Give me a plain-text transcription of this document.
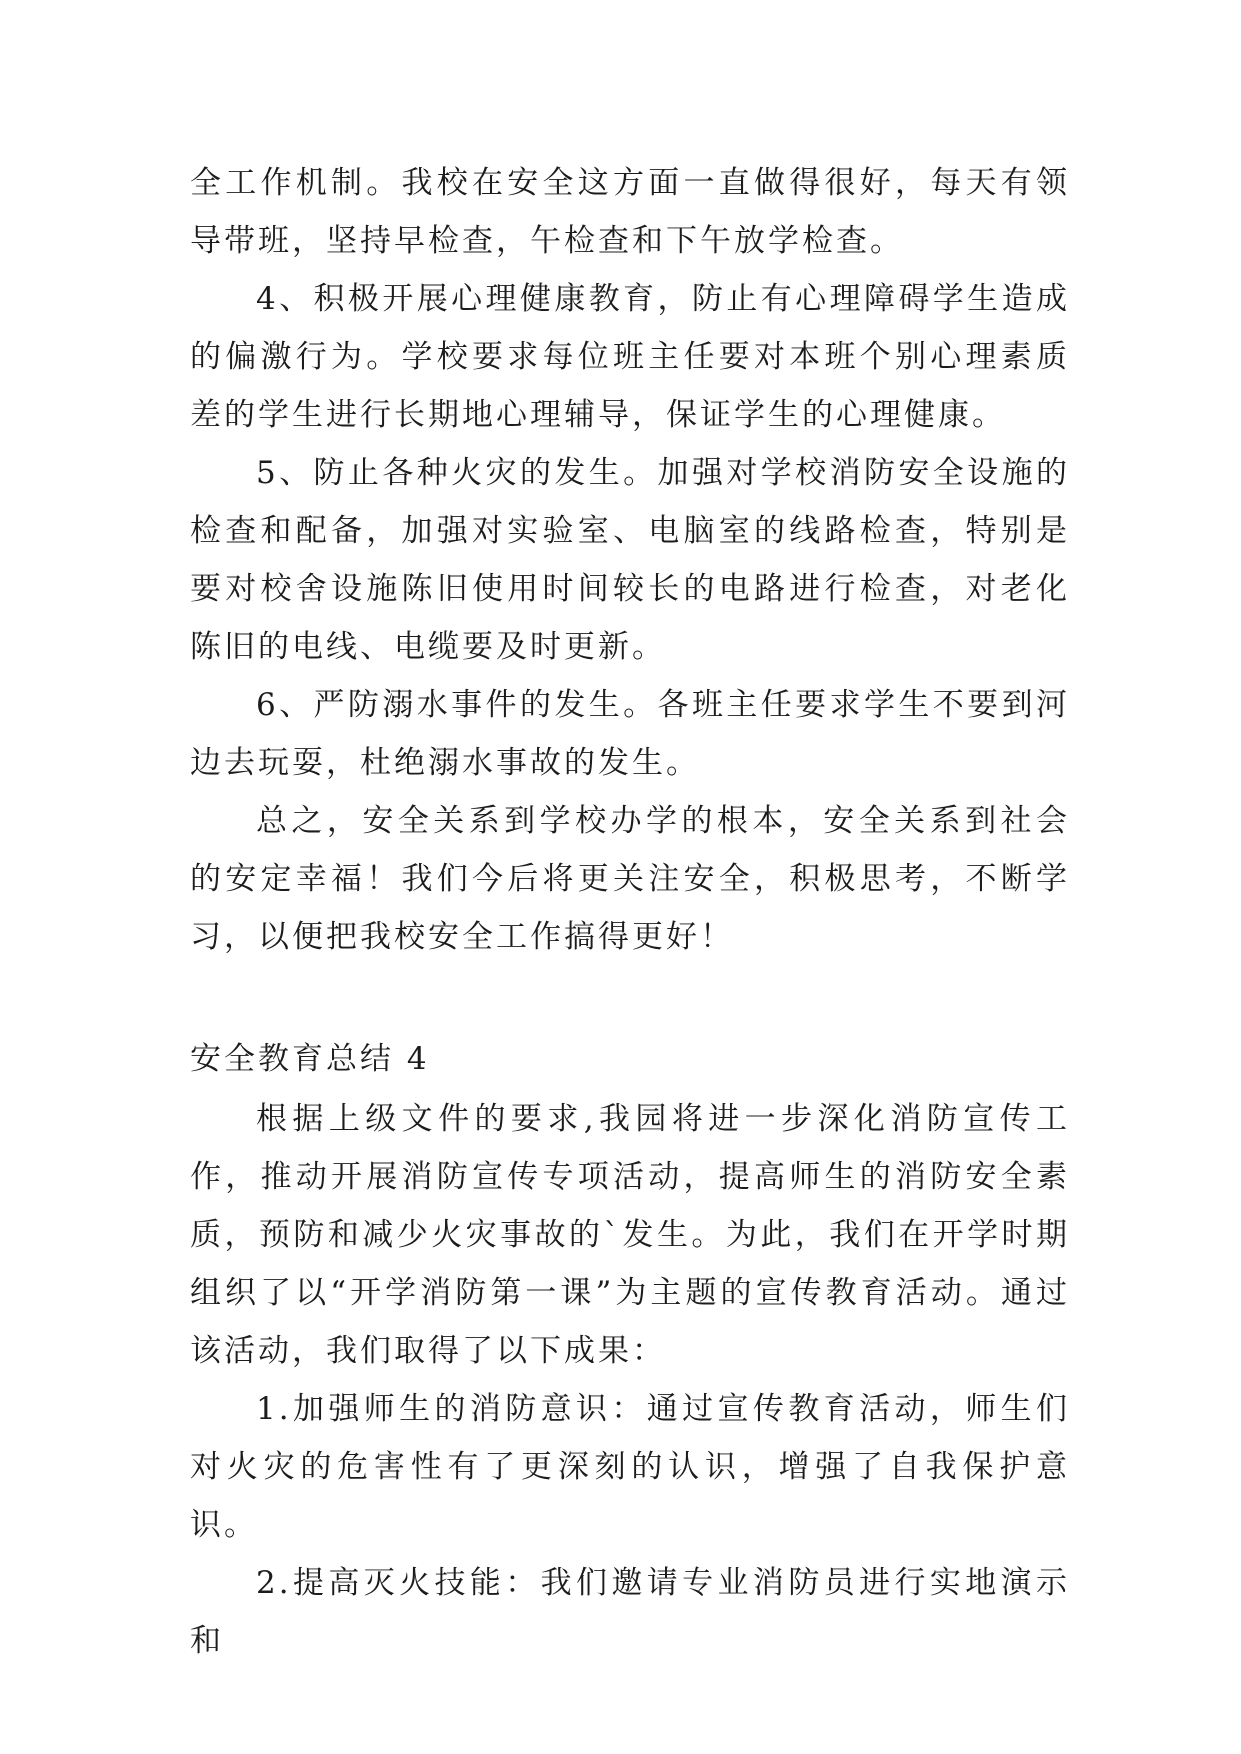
全工作机制。我校在安全这方面一直做得很好，每天有领导带班，坚持早检查，午检查和下午放学检查。

4、积极开展心理健康教育，防止有心理障碍学生造成的偏激行为。学校要求每位班主任要对本班个别心理素质差的学生进行长期地心理辅导，保证学生的心理健康。

5、防止各种火灾的发生。加强对学校消防安全设施的检查和配备，加强对实验室、电脑室的线路检查，特别是要对校舍设施陈旧使用时间较长的电路进行检查，对老化陈旧的电线、电缆要及时更新。

6、严防溺水事件的发生。各班主任要求学生不要到河边去玩耍，杜绝溺水事故的发生。

总之，安全关系到学校办学的根本，安全关系到社会的安定幸福！我们今后将更关注安全，积极思考，不断学习，以便把我校安全工作搞得更好！

安全教育总结 4

根据上级文件的要求,我园将进一步深化消防宣传工作，推动开展消防宣传专项活动，提高师生的消防安全素质，预防和减少火灾事故的`发生。为此，我们在开学时期组织了以“开学消防第一课”为主题的宣传教育活动。通过该活动，我们取得了以下成果：

1.加强师生的消防意识：通过宣传教育活动，师生们对火灾的危害性有了更深刻的认识，增强了自我保护意识。

2.提高灭火技能：我们邀请专业消防员进行实地演示和
